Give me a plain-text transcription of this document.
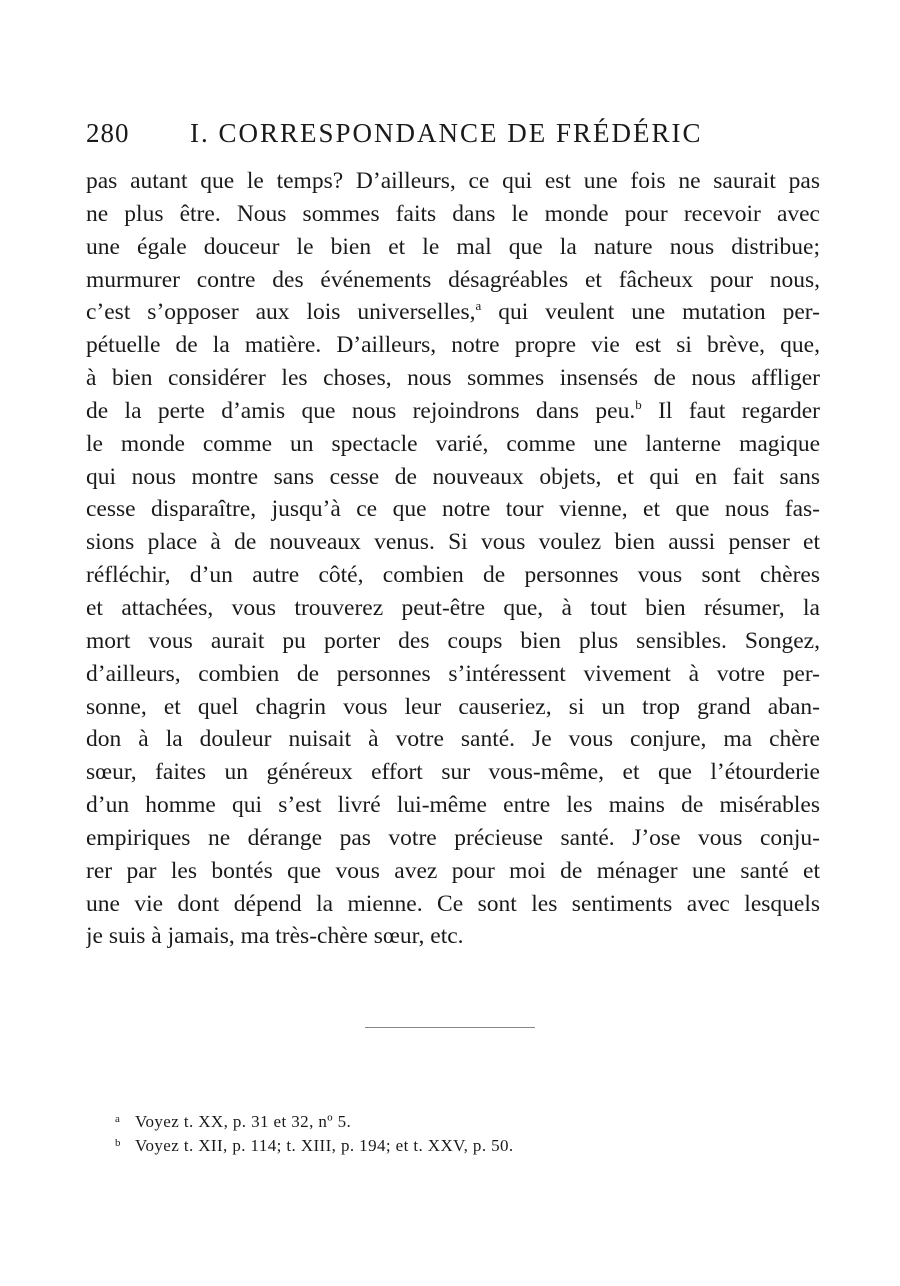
280 I. CORRESPONDANCE DE FRÉDÉRIC
pas autant que le temps? D’ailleurs, ce qui est une fois ne saurait pas
ne plus être. Nous sommes faits dans le monde pour recevoir avec
une égale douceur le bien et le mal que la nature nous distribue;
murmurer contre des événements désagréables et fâcheux pour nous,
c’est s’opposer aux lois universelles,$^a$ qui veulent une mutation per-
pétuelle de la matière. D’ailleurs, notre propre vie est si brève, que,
à bien considérer les choses, nous sommes insensés de nous affliger
de la perte d’amis que nous rejoindrons dans peu.$^b$ Il faut regarder
le monde comme un spectacle varié, comme une lanterne magique
qui nous montre sans cesse de nouveaux objets, et qui en fait sans
cesse disparaître, jusqu’à ce que notre tour vienne, et que nous fas-
sions place à de nouveaux venus. Si vous voulez bien aussi penser et
réfléchir, d’un autre côté, combien de personnes vous sont chères
et attachées, vous trouverez peut-être que, à tout bien résumer, la
mort vous aurait pu porter des coups bien plus sensibles. Songez,
d’ailleurs, combien de personnes s’intéressent vivement à votre per-
sonne, et quel chagrin vous leur causeriez, si un trop grand aban-
don à la douleur nuisait à votre santé. Je vous conjure, ma chère
sœur, faites un généreux effort sur vous-même, et que l’étourderie
d’un homme qui s’est livré lui-même entre les mains de misérables
empiriques ne dérange pas votre précieuse santé. J’ose vous conju-
rer par les bontés que vous avez pour moi de ménager une santé et
une vie dont dépend la mienne. Ce sont les sentiments avec lesquels
je suis à jamais, ma très-chère sœur, etc.
a Voyez t. XX, p. 31 et 32, nº 5.
b Voyez t. XII, p. 114; t. XIII, p. 194; et t. XXV, p. 50.
